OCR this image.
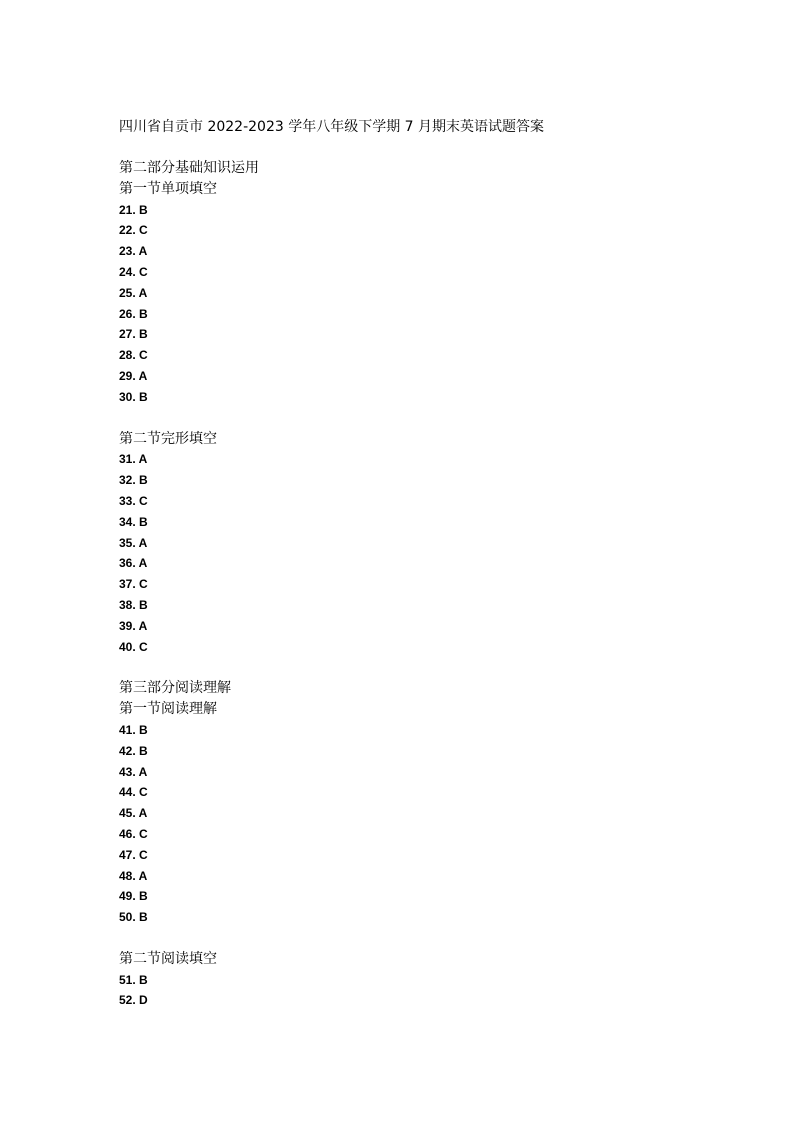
四川省自贡市 2022-2023 学年八年级下学期 7 月期末英语试题答案
第二部分基础知识运用
第一节单项填空
21. B
22. C
23. A
24. C
25. A
26. B
27. B
28. C
29. A
30. B
第二节完形填空
31. A
32. B
33. C
34. B
35. A
36. A
37. C
38. B
39. A
40. C
第三部分阅读理解
第一节阅读理解
41. B
42. B
43. A
44. C
45. A
46. C
47. C
48. A
49. B
50. B
第二节阅读填空
51. B
52. D
